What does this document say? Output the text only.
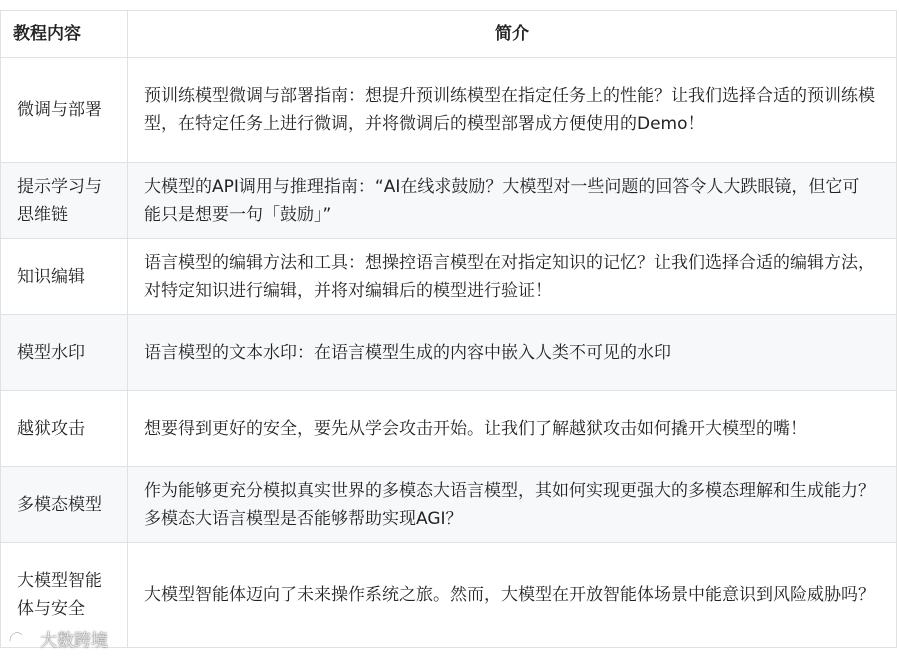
教程内容	简介
微调与部署	预训练模型微调与部署指南：想提升预训练模型在指定任务上的性能？让我们选择合适的预训练模型，在特定任务上进行微调，并将微调后的模型部署成方便使用的Demo！
提示学习与思维链	大模型的API调用与推理指南：“AI在线求鼓励？大模型对一些问题的回答令人大跌眼镜，但它可能只是想要一句「鼓励」”
知识编辑	语言模型的编辑方法和工具：想操控语言模型在对指定知识的记忆？让我们选择合适的编辑方法，对特定知识进行编辑，并将对编辑后的模型进行验证！
模型水印	语言模型的文本水印：在语言模型生成的内容中嵌入人类不可见的水印
越狱攻击	想要得到更好的安全，要先从学会攻击开始。让我们了解越狱攻击如何撬开大模型的嘴！
多模态模型	作为能够更充分模拟真实世界的多模态大语言模型，其如何实现更强大的多模态理解和生成能力？多模态大语言模型是否能够帮助实现AGI？
大模型智能体与安全	大模型智能体迈向了未来操作系统之旅。然而，大模型在开放智能体场景中能意识到风险威胁吗？
大数跨境
